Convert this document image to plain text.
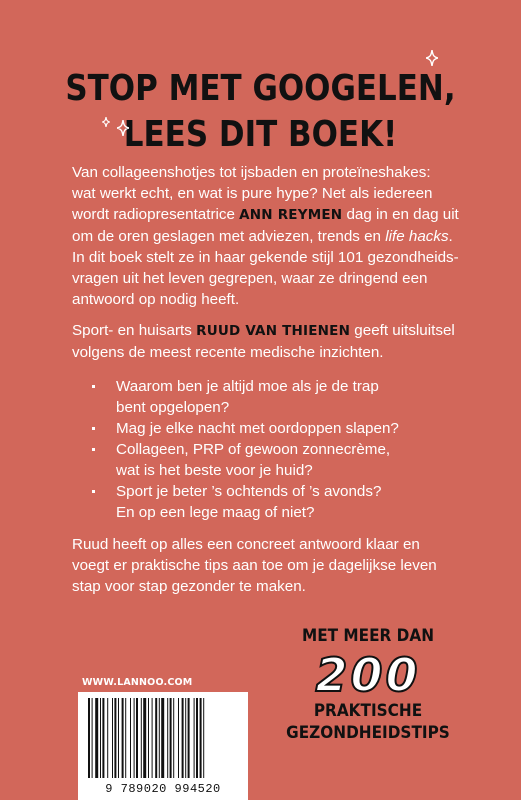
STOP MET GOOGELEN,
LEES DIT BOEK!

Van collageenshotjes tot ijsbaden en proteïneshakes:

wat werkt echt, en wat is pure hype? Net als iedereen

wordt radiopresentatrice ANN REYMEN dag in en dag uit

om de oren geslagen met adviezen, trends en life hacks.

In dit boek stelt ze in haar gekende stijl 101 gezondheids-

vragen uit het leven gegrepen, waar ze dringend een

antwoord op nodig heeft.

Sport- en huisarts RUUD VAN THIENEN geeft uitsluitsel

volgens de meest recente medische inzichten.

Waarom ben je altijd moe als je de trap
bent opgelopen?
Mag je elke nacht met oordoppen slapen?
Collageen, PRP of gewoon zonnecrème,
wat is het beste voor je huid?
Sport je beter ’s ochtends of ’s avonds?
En op een lege maag of niet?

Ruud heeft op alles een concreet antwoord klaar en

voegt er praktische tips aan toe om je dagelijkse leven

stap voor stap gezonder te maken.

MET MEER DAN
200
PRAKTISCHE
GEZONDHEIDSTIPS
WWW.LANNOO.COM
9 789020 994520
